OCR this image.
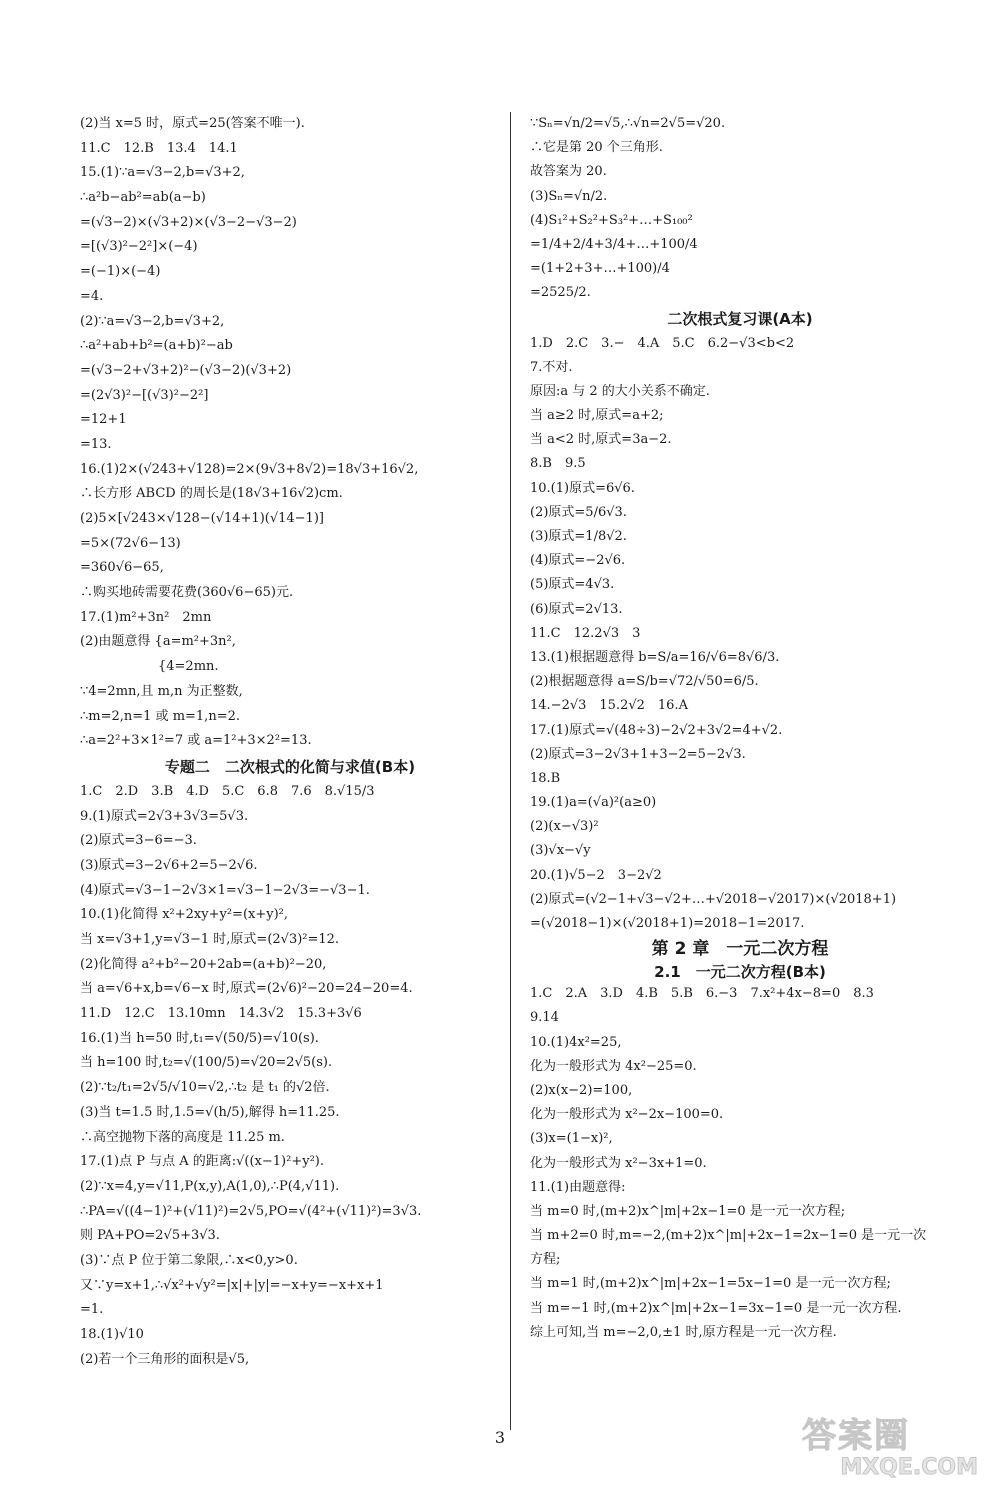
(2)当 x=5 时，原式=25(答案不唯一).

11.C　12.B　13.4　14.1

15.(1)∵a=√3−2,b=√3+2,

∴a²b−ab²=ab(a−b)

=(√3−2)×(√3+2)×(√3−2−√3−2)

=[(√3)²−2²]×(−4)

=(−1)×(−4)

=4.

(2)∵a=√3−2,b=√3+2,

∴a²+ab+b²=(a+b)²−ab

=(√3−2+√3+2)²−(√3−2)(√3+2)

=(2√3)²−[(√3)²−2²]

=12+1

=13.

16.(1)2×(√243+√128)=2×(9√3+8√2)=18√3+16√2,

∴长方形 ABCD 的周长是(18√3+16√2)cm.

(2)5×[√243×√128−(√14+1)(√14−1)]

=5×(72√6−13)

=360√6−65,

∴购买地砖需要花费(360√6−65)元.

17.(1)m²+3n²　2mn

(2)由题意得 {a=m²+3n²,

　　　　　　{4=2mn.

∵4=2mn,且 m,n 为正整数,

∴m=2,n=1 或 m=1,n=2.

∴a=2²+3×1²=7 或 a=1²+3×2²=13.

专题二　二次根式的化简与求值(B本)

1.C　2.D　3.B　4.D　5.C　6.8　7.6　8.√15/3

9.(1)原式=2√3+3√3=5√3.

(2)原式=3−6=−3.

(3)原式=3−2√6+2=5−2√6.

(4)原式=√3−1−2√3×1=√3−1−2√3=−√3−1.

10.(1)化简得 x²+2xy+y²=(x+y)²,

当 x=√3+1,y=√3−1 时,原式=(2√3)²=12.

(2)化简得 a²+b²−20+2ab=(a+b)²−20,

当 a=√6+x,b=√6−x 时,原式=(2√6)²−20=24−20=4.

11.D　12.C　13.10mn　14.3√2　15.3+3√6

16.(1)当 h=50 时,t₁=√(50/5)=√10(s).

当 h=100 时,t₂=√(100/5)=√20=2√5(s).

(2)∵t₂/t₁=2√5/√10=√2,∴t₂ 是 t₁ 的√2倍.

(3)当 t=1.5 时,1.5=√(h/5),解得 h=11.25.

∴高空抛物下落的高度是 11.25 m.

17.(1)点 P 与点 A 的距离:√((x−1)²+y²).

(2)∵x=4,y=√11,P(x,y),A(1,0),∴P(4,√11).

∴PA=√((4−1)²+(√11)²)=2√5,PO=√(4²+(√11)²)=3√3.

则 PA+PO=2√5+3√3.

(3)∵点 P 位于第二象限,∴x<0,y>0.

又∵y=x+1,∴√x²+√y²=|x|+|y|=−x+y=−x+x+1

=1.

18.(1)√10

(2)若一个三角形的面积是√5,

∵Sₙ=√n/2=√5,∴√n=2√5=√20.

∴它是第 20 个三角形.

故答案为 20.

(3)Sₙ=√n/2.

(4)S₁²+S₂²+S₃²+…+S₁₀₀²

=1/4+2/4+3/4+…+100/4

=(1+2+3+…+100)/4

=2525/2.

二次根式复习课(A本)

1.D　2.C　3.−　4.A　5.C　6.2−√3<b<2

7.不对.

原因:a 与 2 的大小关系不确定.

当 a≥2 时,原式=a+2;

当 a<2 时,原式=3a−2.

8.B　9.5

10.(1)原式=6√6.

(2)原式=5/6√3.

(3)原式=1/8√2.

(4)原式=−2√6.

(5)原式=4√3.

(6)原式=2√13.

11.C　12.2√3　3

13.(1)根据题意得 b=S/a=16/√6=8√6/3.

(2)根据题意得 a=S/b=√72/√50=6/5.

14.−2√3　15.2√2　16.A

17.(1)原式=√(48÷3)−2√2+3√2=4+√2.

(2)原式=3−2√3+1+3−2=5−2√3.

18.B

19.(1)a=(√a)²(a≥0)

(2)(x−√3)²

(3)√x−√y

20.(1)√5−2　3−2√2

(2)原式=(√2−1+√3−√2+…+√2018−√2017)×(√2018+1)

=(√2018−1)×(√2018+1)=2018−1=2017.

第 2 章　一元二次方程

2.1　一元二次方程(B本)

1.C　2.A　3.D　4.B　5.B　6.−3　7.x²+4x−8=0　8.3

9.14

10.(1)4x²=25,

化为一般形式为 4x²−25=0.

(2)x(x−2)=100,

化为一般形式为 x²−2x−100=0.

(3)x=(1−x)²,

化为一般形式为 x²−3x+1=0.

11.(1)由题意得:

当 m=0 时,(m+2)x^|m|+2x−1=0 是一元一次方程;

当 m+2=0 时,m=−2,(m+2)x^|m|+2x−1=2x−1=0 是一元一次

方程;

当 m=1 时,(m+2)x^|m|+2x−1=5x−1=0 是一元一次方程;

当 m=−1 时,(m+2)x^|m|+2x−1=3x−1=0 是一元一次方程.

综上可知,当 m=−2,0,±1 时,原方程是一元一次方程.

3	答案圈
MXQE.COM
